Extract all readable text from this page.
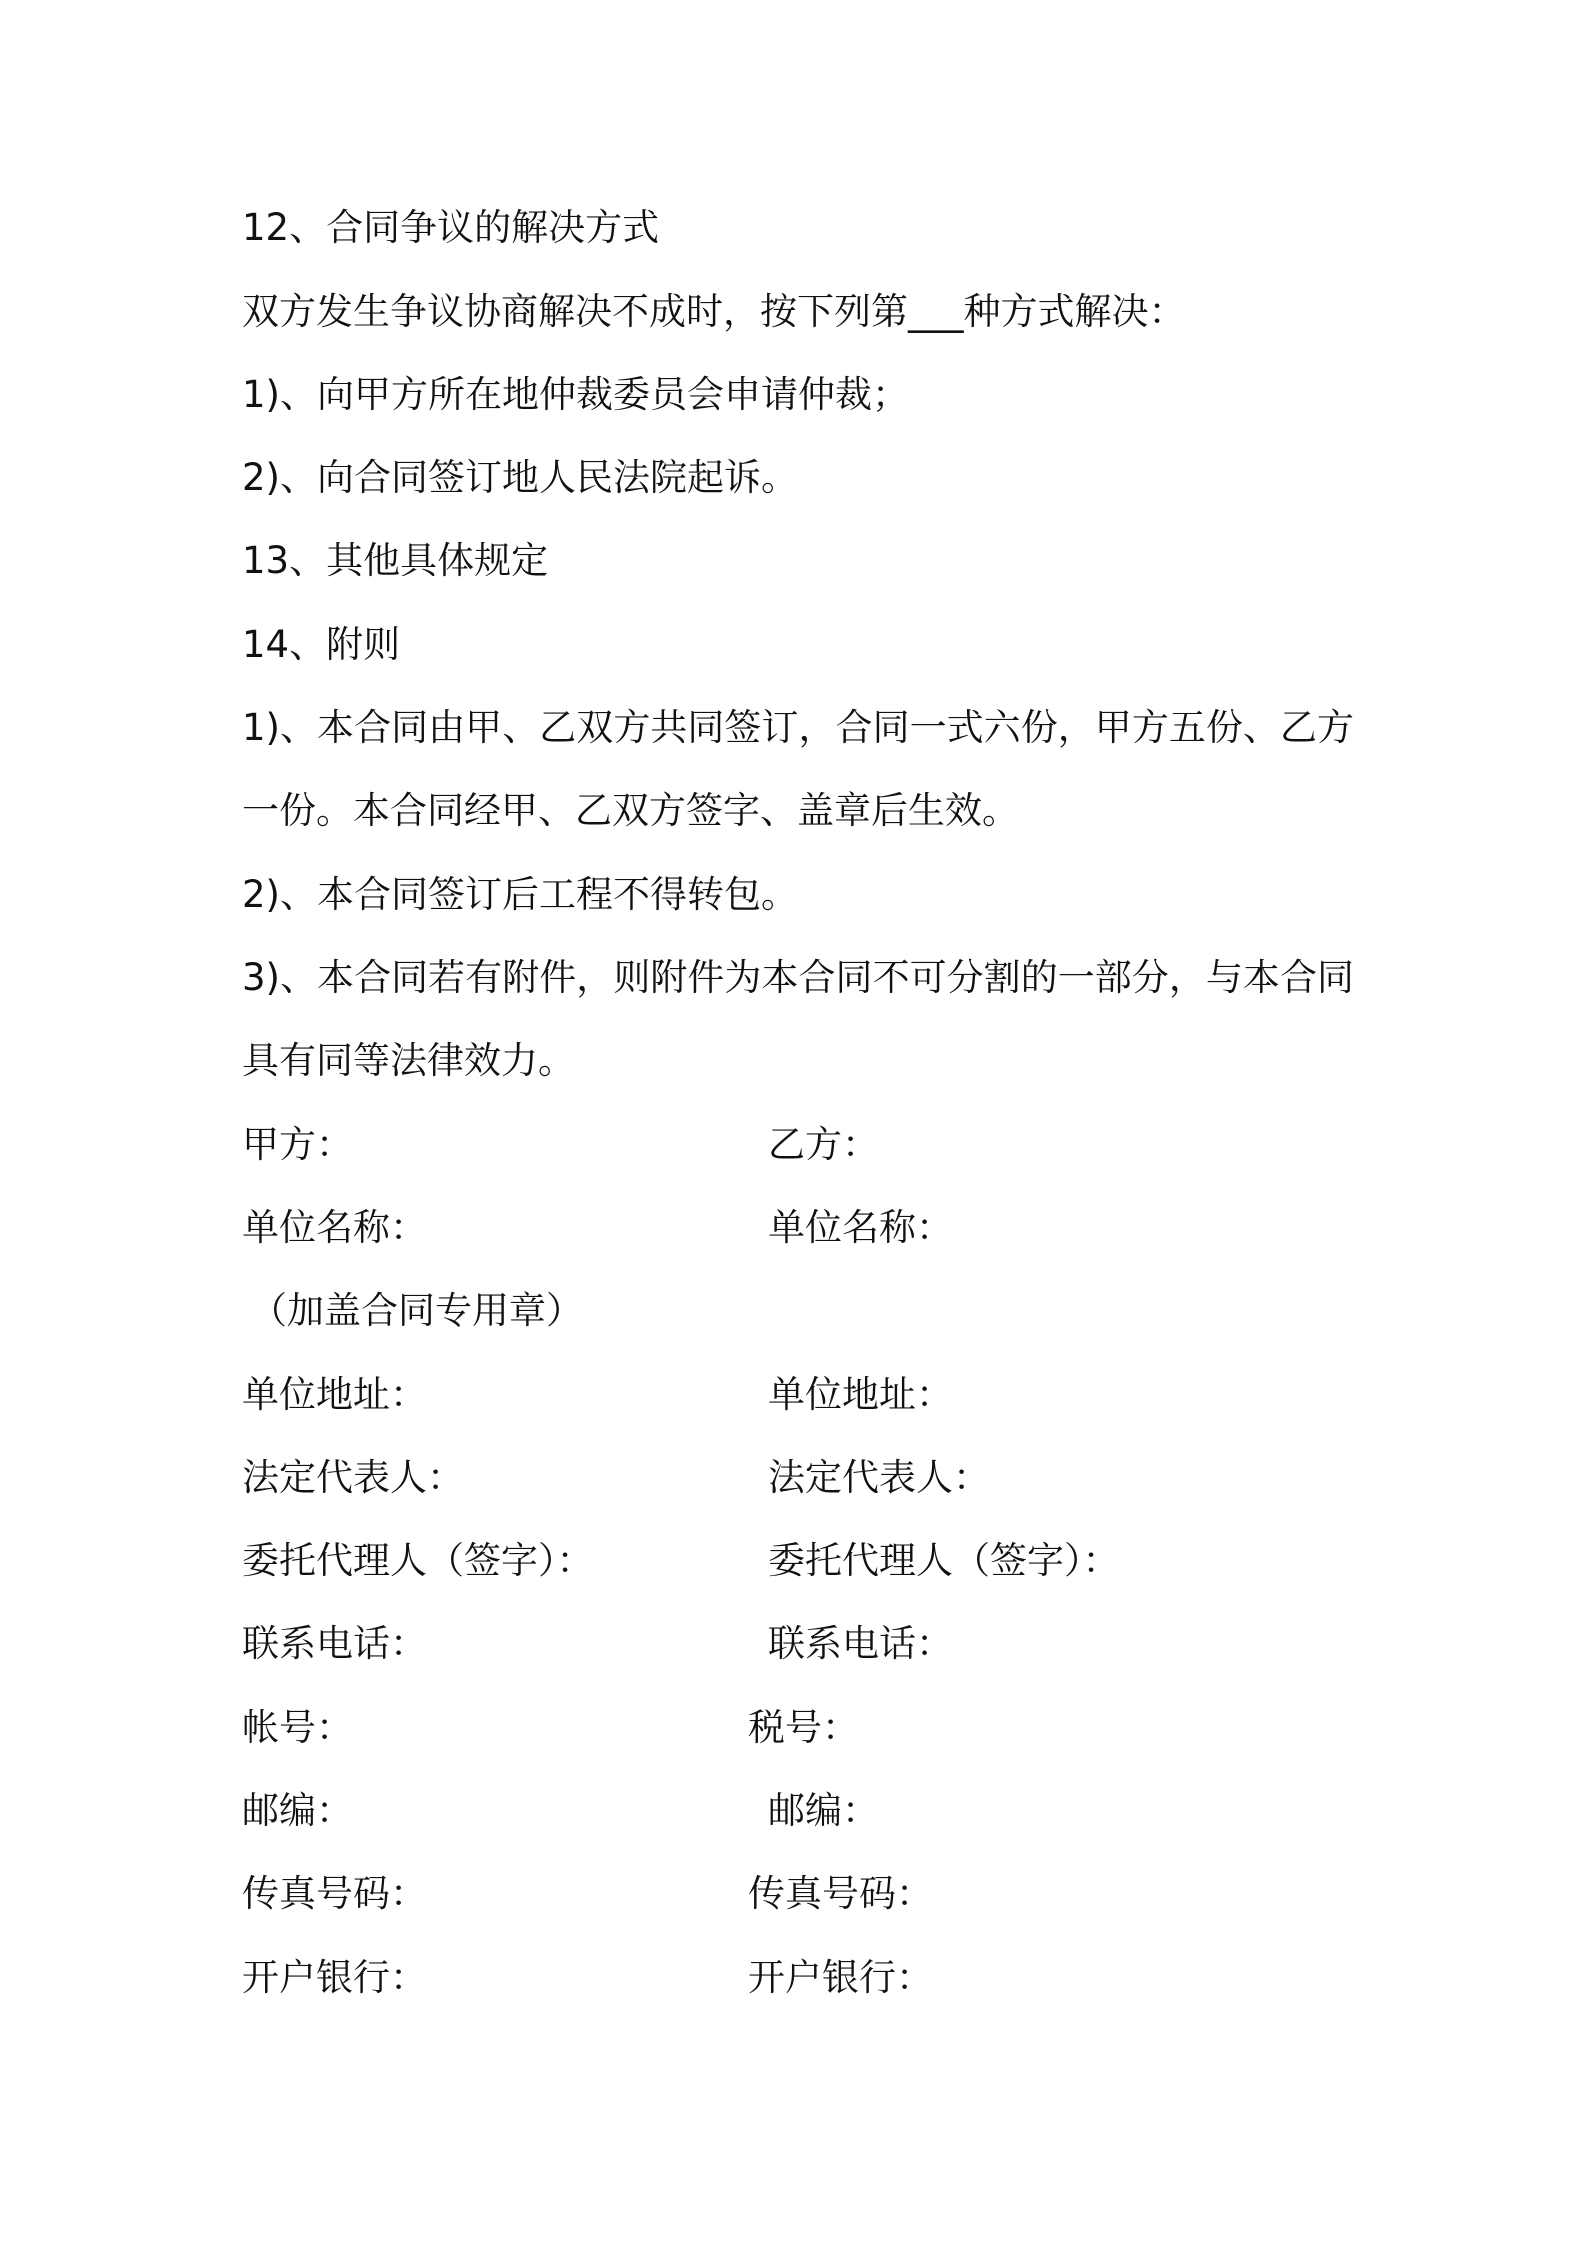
12、合同争议的解决方式
双方发生争议协商解决不成时，按下列第___种方式解决：
1)、向甲方所在地仲裁委员会申请仲裁；
2)、向合同签订地人民法院起诉。
13、其他具体规定
14、附则
1)、本合同由甲、乙双方共同签订，合同一式六份，甲方五份、乙方
一份。本合同经甲、乙双方签字、盖章后生效。
2)、本合同签订后工程不得转包。
3)、本合同若有附件，则附件为本合同不可分割的一部分，与本合同
具有同等法律效力。
甲方：
单位名称：
（加盖合同专用章）
单位地址：
法定代表人：
委托代理人（签字）：
联系电话：
帐号：
邮编：
传真号码：
开户银行：
乙方：
单位名称：
单位地址：
法定代表人：
委托代理人（签字）：
联系电话：
税号：
邮编：
传真号码：
开户银行：
